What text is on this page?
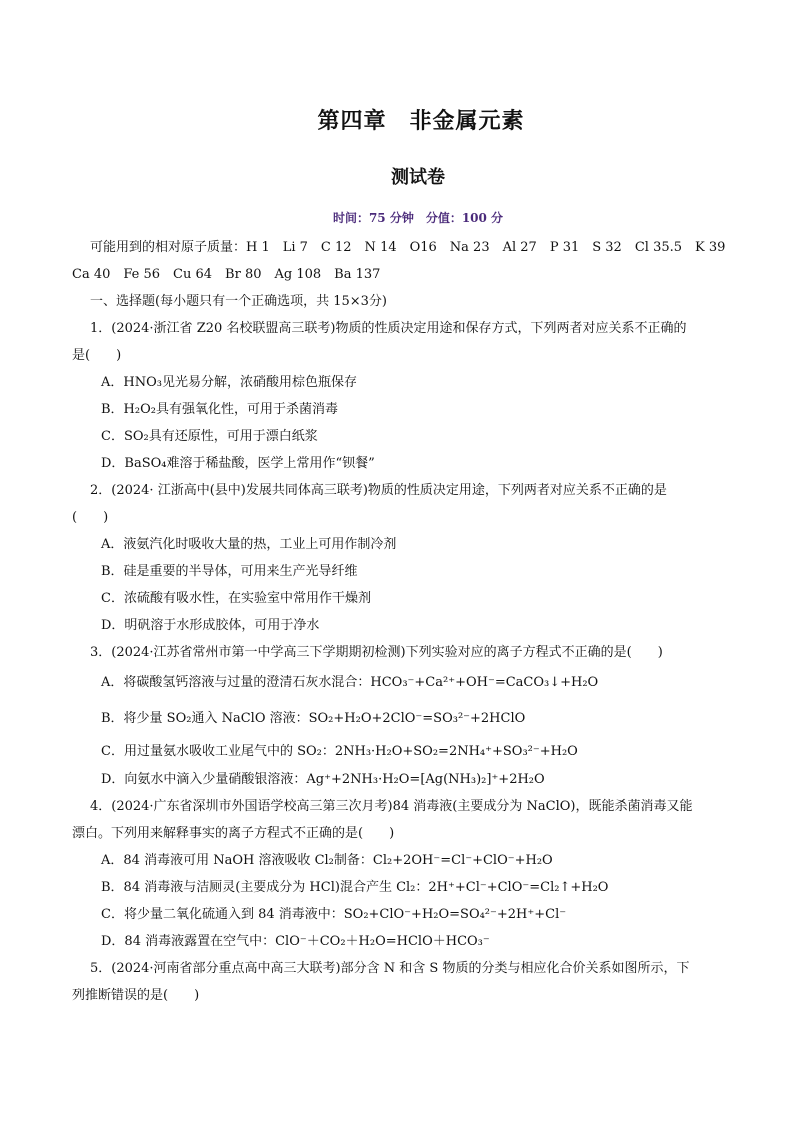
第四章　非金属元素
测试卷
时间：75 分钟　分值：100 分
可能用到的相对原子质量：H 1　Li 7　C 12　N 14　O16　Na 23　Al 27　P 31　S 32　Cl 35.5　K 39
Ca 40　Fe 56　Cu 64　Br 80　Ag 108　Ba 137
一、选择题(每小题只有一个正确选项，共 15×3分)
1．(2024·浙江省 Z20 名校联盟高三联考)物质的性质决定用途和保存方式，下列两者对应关系不正确的
是(　　)
A．HNO₃见光易分解，浓硝酸用棕色瓶保存
B．H₂O₂具有强氧化性，可用于杀菌消毒
C．SO₂具有还原性，可用于漂白纸浆
D．BaSO₄难溶于稀盐酸，医学上常用作“钡餐”
2．(2024· 江浙高中(县中)发展共同体高三联考)物质的性质决定用途，下列两者对应关系不正确的是
(　　)
A．液氨汽化时吸收大量的热，工业上可用作制冷剂
B．硅是重要的半导体，可用来生产光导纤维
C．浓硫酸有吸水性，在实验室中常用作干燥剂
D．明矾溶于水形成胶体，可用于净水
3．(2024·江苏省常州市第一中学高三下学期期初检测)下列实验对应的离子方程式不正确的是(　　)
A．将碳酸氢钙溶液与过量的澄清石灰水混合：HCO₃⁻+Ca²⁺+OH⁻=CaCO₃↓+H₂O
B．将少量 SO₂通入 NaClO 溶液：SO₂+H₂O+2ClO⁻=SO₃²⁻+2HClO
C．用过量氨水吸收工业尾气中的 SO₂：2NH₃·H₂O+SO₂=2NH₄⁺+SO₃²⁻+H₂O
D．向氨水中滴入少量硝酸银溶液：Ag⁺+2NH₃·H₂O=[Ag(NH₃)₂]⁺+2H₂O
4．(2024·广东省深圳市外国语学校高三第三次月考)84 消毒液(主要成分为 NaClO)，既能杀菌消毒又能
漂白。下列用来解释事实的离子方程式不正确的是(　　)
A．84 消毒液可用 NaOH 溶液吸收 Cl₂制备：Cl₂+2OH⁻=Cl⁻+ClO⁻+H₂O
B．84 消毒液与洁厕灵(主要成分为 HCl)混合产生 Cl₂：2H⁺+Cl⁻+ClO⁻=Cl₂↑+H₂O
C．将少量二氧化硫通入到 84 消毒液中：SO₂+ClO⁻+H₂O=SO₄²⁻+2H⁺+Cl⁻
D．84 消毒液露置在空气中：ClO⁻＋CO₂＋H₂O=HClO＋HCO₃⁻
5．(2024·河南省部分重点高中高三大联考)部分含 N 和含 S 物质的分类与相应化合价关系如图所示，下
列推断错误的是(　　)
